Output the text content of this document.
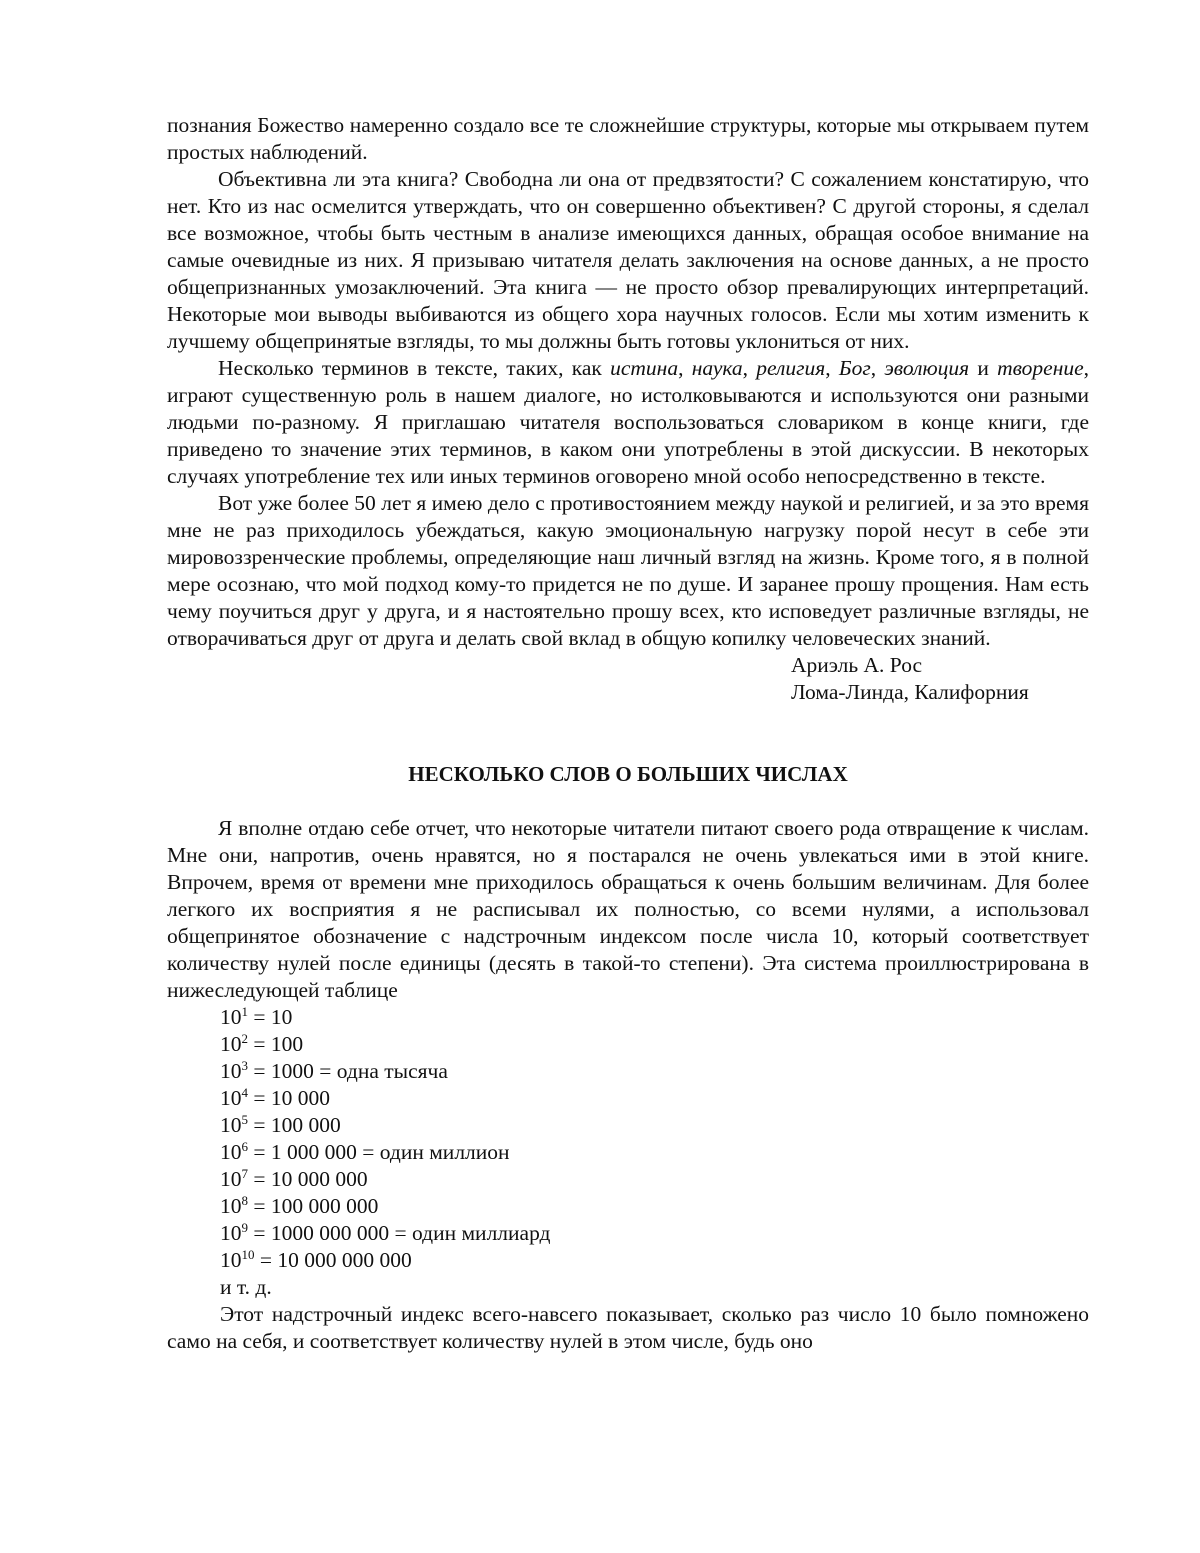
познания Божество намеренно создало все те сложнейшие структуры, которые мы открываем путем простых наблюдений.

Объективна ли эта книга? Свободна ли она от предвзятости? С сожалением констатирую, что нет. Кто из нас осмелится утверждать, что он совершенно объективен? С другой стороны, я сделал все возможное, чтобы быть честным в анализе имеющихся данных, обращая особое внимание на самые очевидные из них. Я призываю читателя делать заключения на основе данных, а не просто общепризнанных умозаключений. Эта книга — не просто обзор превалирующих интерпретаций. Некоторые мои выводы выбиваются из общего хора научных голосов. Если мы хотим изменить к лучшему общепринятые взгляды, то мы должны быть готовы уклониться от них.

Несколько терминов в тексте, таких, как истина, наука, религия, Бог, эволюция и творение, играют существенную роль в нашем диалоге, но истолковываются и используются они разными людьми по-разному. Я приглашаю читателя воспользоваться словариком в конце книги, где приведено то значение этих терминов, в каком они употреблены в этой дискуссии. В некоторых случаях употребление тех или иных терминов оговорено мной особо непосредственно в тексте.

Вот уже более 50 лет я имею дело с противостоянием между наукой и религией, и за это время мне не раз приходилось убеждаться, какую эмоциональную нагрузку порой несут в себе эти мировоззренческие проблемы, определяющие наш личный взгляд на жизнь. Кроме того, я в полной мере осознаю, что мой подход кому-то придется не по душе. И заранее прошу прощения. Нам есть чему поучиться друг у друга, и я настоятельно прошу всех, кто исповедует различные взгляды, не отворачиваться друг от друга и делать свой вклад в общую копилку человеческих знаний.

Ариэль А. Рос

Лома-Линда, Калифорния

НЕСКОЛЬКО СЛОВ О БОЛЬШИХ ЧИСЛАХ

Я вполне отдаю себе отчет, что некоторые читатели питают своего рода отвращение к числам. Мне они, напротив, очень нравятся, но я постарался не очень увлекаться ими в этой книге. Впрочем, время от времени мне приходилось обращаться к очень большим величинам. Для более легкого их восприятия я не расписывал их полностью, со всеми нулями, а использовал общепринятое обозначение с надстрочным индексом после числа 10, который соответствует количеству нулей после единицы (десять в такой-то степени). Эта система проиллюстрирована в нижеследующей таблице

$10^1 = 10$

$10^2 = 100$

$10^3 = 1000$ = одна тысяча

$10^4 = 10$ 000

$10^5 = 100$ 000

$10^6 = 1$ 000 000 = один миллион

$10^7 = 10$ 000 000

$10^8 = 100$ 000 000

$10^9 = 1000$ 000 000 = один миллиард

$10^{10} = 10$ 000 000 000

и т. д.

Этот надстрочный индекс всего-навсего показывает, сколько раз число 10 было помножено само на себя, и соответствует количеству нулей в этом числе, будь оно
